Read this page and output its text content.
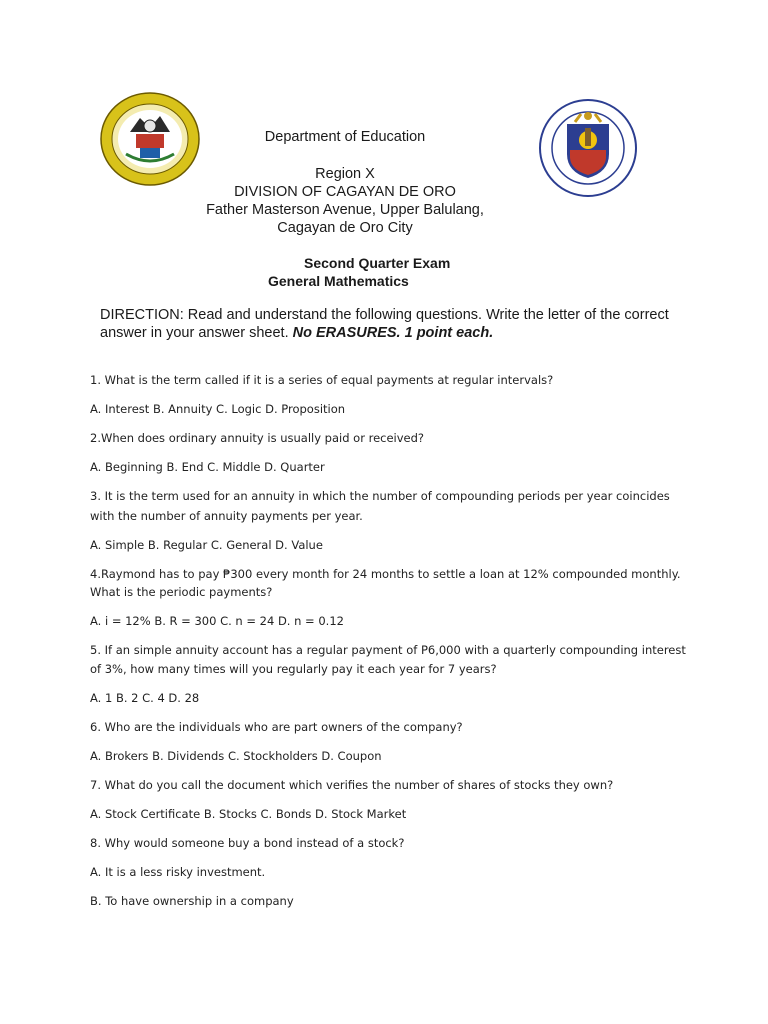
Department of Education
Region X
DIVISION OF CAGAYAN DE ORO
Father Masterson Avenue, Upper Balulang,
Cagayan de Oro City
Second Quarter Exam
General Mathematics
DIRECTION: Read and understand the following questions. Write the letter of the correct answer in your answer sheet. No ERASURES. 1 point each.
1. What is the term called if it is a series of equal payments at regular intervals?
A. Interest B. Annuity C. Logic D. Proposition
2.When does ordinary annuity is usually paid or received?
A. Beginning B. End C. Middle D. Quarter
3. It is the term used for an annuity in which the number of compounding periods per year coincides
with the number of annuity payments per year.
A. Simple B. Regular C. General D. Value
4.Raymond has to pay ₱300 every month for 24 months to settle a loan at 12% compounded monthly.
What is the periodic payments?
A. i = 12% B. R = 300 C. n = 24 D. n = 0.12
5. If an simple annuity account has a regular payment of P6,000 with a quarterly compounding interest
of 3%, how many times will you regularly pay it each year for 7 years?
A. 1 B. 2 C. 4 D. 28
6. Who are the individuals who are part owners of the company?
A. Brokers B. Dividends C. Stockholders D. Coupon
7. What do you call the document which verifies the number of shares of stocks they own?
A. Stock Certificate B. Stocks C. Bonds D. Stock Market
8. Why would someone buy a bond instead of a stock?
A. It is a less risky investment.
B. To have ownership in a company
